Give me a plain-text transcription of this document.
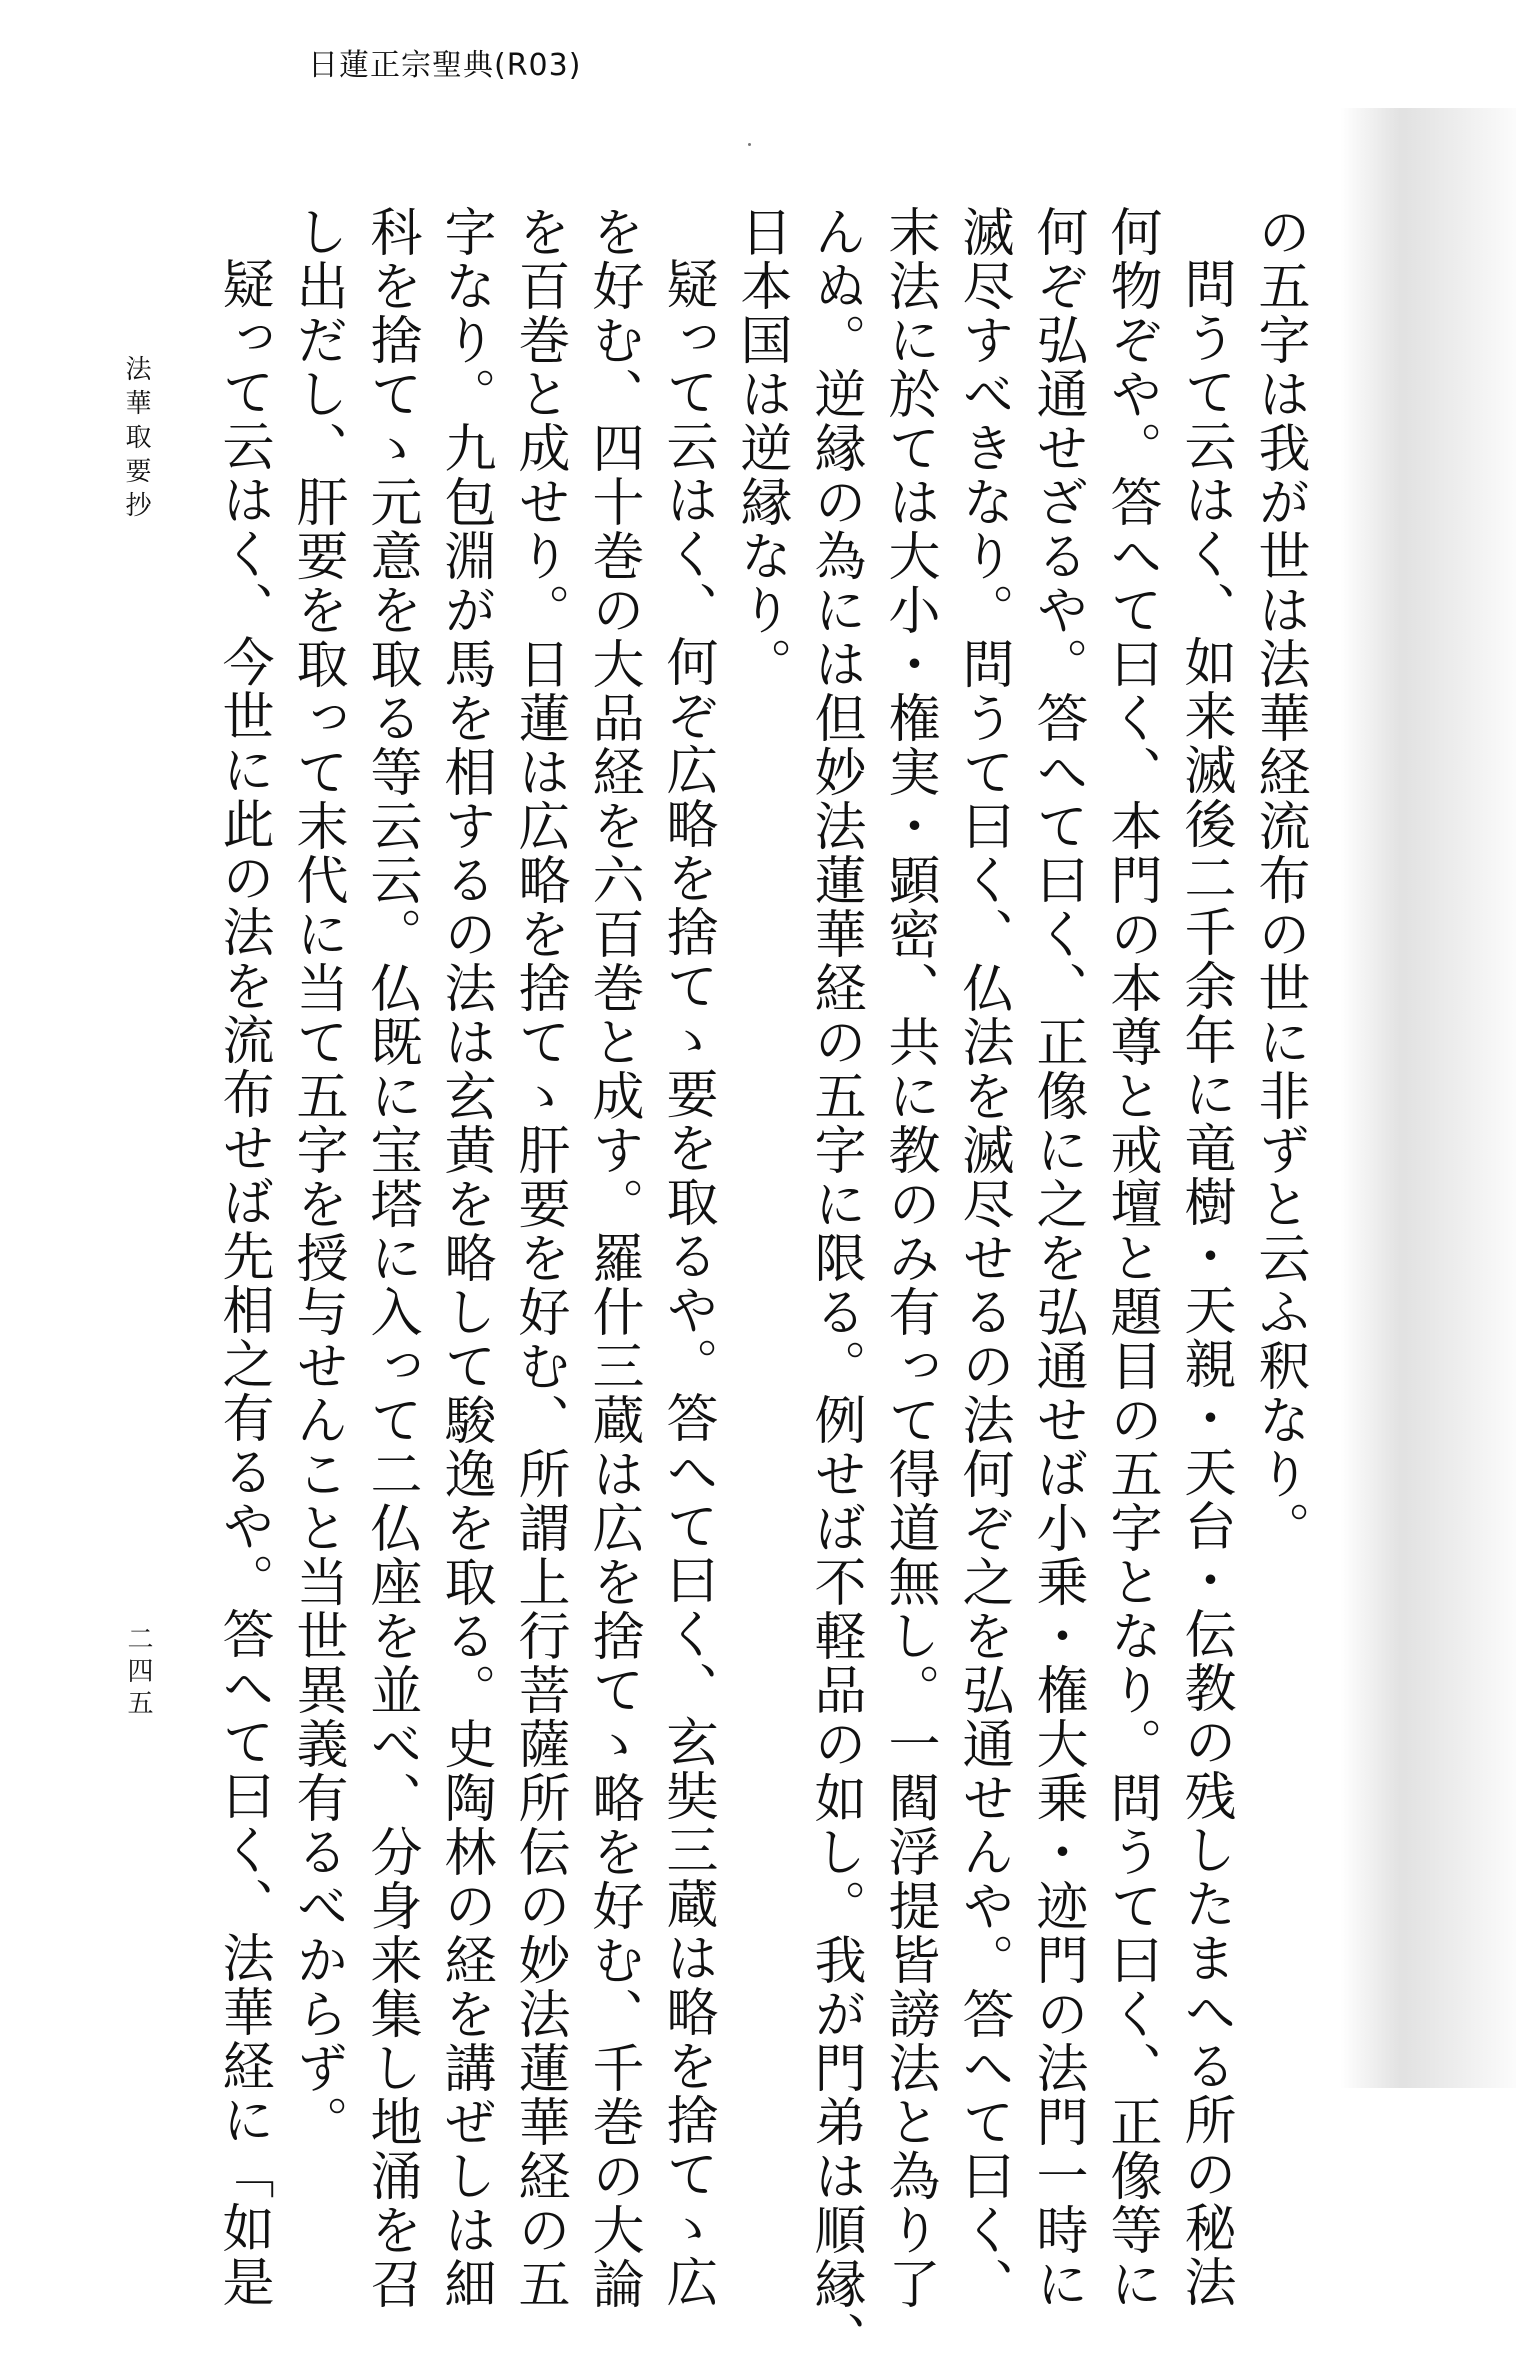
日蓮正宗聖典(R03)
の五字は我が世は法華経流布の世に非ずと云ふ釈なり。
問うて云はく、如来滅後二千余年に竜樹・天親・天台・伝教の残したまへる所の秘法
何物ぞや。答へて曰く、本門の本尊と戒壇と題目の五字となり。問うて曰く、正像等に
何ぞ弘通せざるや。答へて曰く、正像に之を弘通せば小乗・権大乗・迹門の法門一時に
滅尽すべきなり。問うて曰く、仏法を滅尽せるの法何ぞ之を弘通せんや。答へて曰く、
末法に於ては大小・権実・顕密、共に教のみ有って得道無し。一閻浮提皆謗法と為り了
んぬ。逆縁の為には但妙法蓮華経の五字に限る。例せば不軽品の如し。我が門弟は順縁、
日本国は逆縁なり。
疑って云はく、何ぞ広略を捨てゝ要を取るや。答へて曰く、玄奘三蔵は略を捨てゝ広
を好む、四十巻の大品経を六百巻と成す。羅什三蔵は広を捨てゝ略を好む、千巻の大論
を百巻と成せり。日蓮は広略を捨てゝ肝要を好む、所謂上行菩薩所伝の妙法蓮華経の五
字なり。九包淵が馬を相するの法は玄黄を略して駿逸を取る。史陶林の経を講ぜしは細
科を捨てゝ元意を取る等云云。仏既に宝塔に入って二仏座を並べ、分身来集し地涌を召
し出だし、肝要を取って末代に当て五字を授与せんこと当世異義有るべからず。
疑って云はく、今世に此の法を流布せば先相之有るや。答へて曰く、法華経に「如是
法華取要抄
二四五
